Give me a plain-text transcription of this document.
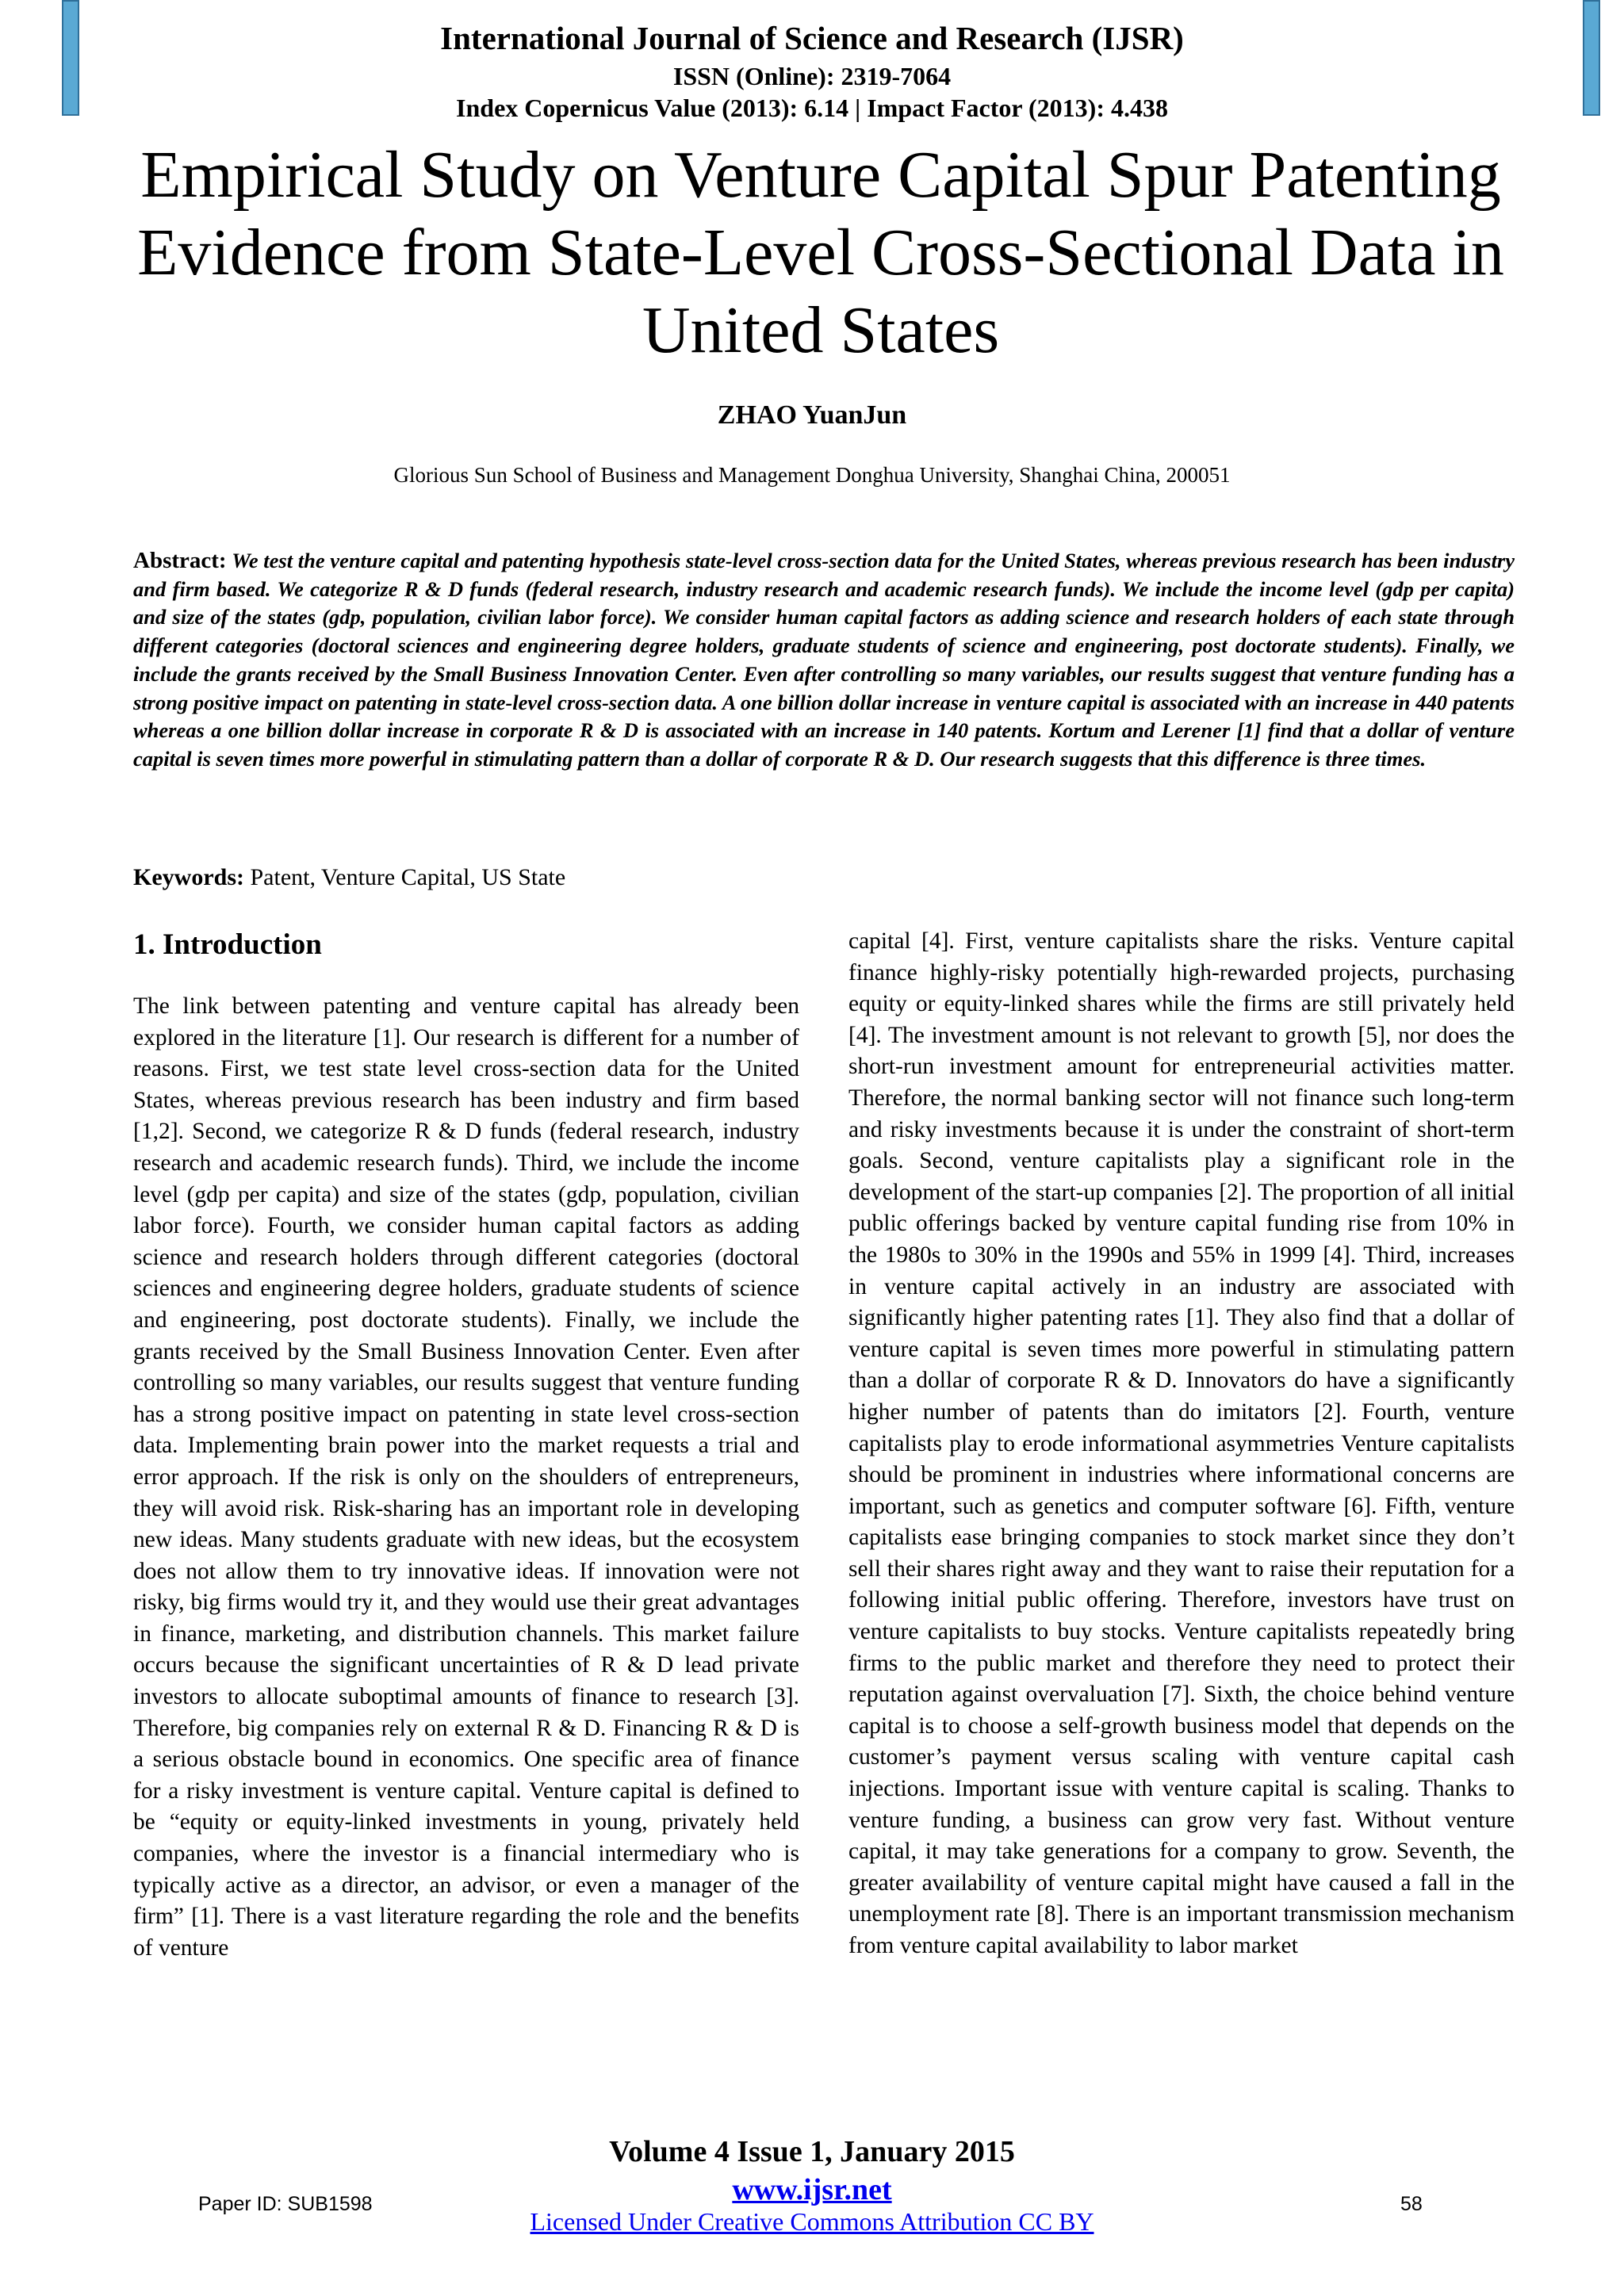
International Journal of Science and Research (IJSR)
ISSN (Online): 2319-7064
Index Copernicus Value (2013): 6.14 | Impact Factor (2013): 4.438
Empirical Study on Venture Capital Spur Patenting Evidence from State-Level Cross-Sectional Data in United States
ZHAO YuanJun
Glorious Sun School of Business and Management Donghua University, Shanghai China, 200051
Abstract: We test the venture capital and patenting hypothesis state-level cross-section data for the United States, whereas previous research has been industry and firm based. We categorize R & D funds (federal research, industry research and academic research funds). We include the income level (gdp per capita) and size of the states (gdp, population, civilian labor force). We consider human capital factors as adding science and research holders of each state through different categories (doctoral sciences and engineering degree holders, graduate students of science and engineering, post doctorate students). Finally, we include the grants received by the Small Business Innovation Center. Even after controlling so many variables, our results suggest that venture funding has a strong positive impact on patenting in state-level cross-section data. A one billion dollar increase in venture capital is associated with an increase in 440 patents whereas a one billion dollar increase in corporate R & D is associated with an increase in 140 patents. Kortum and Lerener [1] find that a dollar of venture capital is seven times more powerful in stimulating pattern than a dollar of corporate R & D. Our research suggests that this difference is three times.
Keywords: Patent, Venture Capital, US State
1. Introduction

The link between patenting and venture capital has already been explored in the literature [1]. Our research is different for a number of reasons. First, we test state level cross-section data for the United States, whereas previous research has been industry and firm based [1,2]. Second, we categorize R & D funds (federal research, industry research and academic research funds). Third, we include the income level (gdp per capita) and size of the states (gdp, population, civilian labor force). Fourth, we consider human capital factors as adding science and research holders through different categories (doctoral sciences and engineering degree holders, graduate students of science and engineering, post doctorate students). Finally, we include the grants received by the Small Business Innovation Center. Even after controlling so many variables, our results suggest that venture funding has a strong positive impact on patenting in state level cross-section data. Implementing brain power into the market requests a trial and error approach. If the risk is only on the shoulders of entrepreneurs, they will avoid risk. Risk-sharing has an important role in developing new ideas. Many students graduate with new ideas, but the ecosystem does not allow them to try innovative ideas. If innovation were not risky, big firms would try it, and they would use their great advantages in finance, marketing, and distribution channels. This market failure occurs because the significant uncertainties of R & D lead private investors to allocate suboptimal amounts of finance to research [3]. Therefore, big companies rely on external R & D. Financing R & D is a serious obstacle bound in economics. One specific area of finance for a risky investment is venture capital. Venture capital is defined to be “equity or equity-linked investments in young, privately held companies, where the investor is a financial intermediary who is typically active as a director, an advisor, or even a manager of the firm” [1]. There is a vast literature regarding the role and the benefits of venture

capital [4]. First, venture capitalists share the risks. Venture capital finance highly-risky potentially high-rewarded projects, purchasing equity or equity-linked shares while the firms are still privately held [4]. The investment amount is not relevant to growth [5], nor does the short-run investment amount for entrepreneurial activities matter. Therefore, the normal banking sector will not finance such long-term and risky investments because it is under the constraint of short-term goals. Second, venture capitalists play a significant role in the development of the start-up companies [2]. The proportion of all initial public offerings backed by venture capital funding rise from 10% in the 1980s to 30% in the 1990s and 55% in 1999 [4]. Third, increases in venture capital actively in an industry are associated with significantly higher patenting rates [1]. They also find that a dollar of venture capital is seven times more powerful in stimulating pattern than a dollar of corporate R & D. Innovators do have a significantly higher number of patents than do imitators [2]. Fourth, venture capitalists play to erode informational asymmetries Venture capitalists should be prominent in industries where informational concerns are important, such as genetics and computer software [6]. Fifth, venture capitalists ease bringing companies to stock market since they don’t sell their shares right away and they want to raise their reputation for a following initial public offering. Therefore, investors have trust on venture capitalists to buy stocks. Venture capitalists repeatedly bring firms to the public market and therefore they need to protect their reputation against overvaluation [7]. Sixth, the choice behind venture capital is to choose a self-growth business model that depends on the customer’s payment versus scaling with venture capital cash injections. Important issue with venture capital is scaling. Thanks to venture funding, a business can grow very fast. Without venture capital, it may take generations for a company to grow. Seventh, the greater availability of venture capital might have caused a fall in the unemployment rate [8]. There is an important transmission mechanism from venture capital availability to labor market

Volume 4 Issue 1, January 2015
www.ijsr.net
Licensed Under Creative Commons Attribution CC BY
Paper ID: SUB1598	58
